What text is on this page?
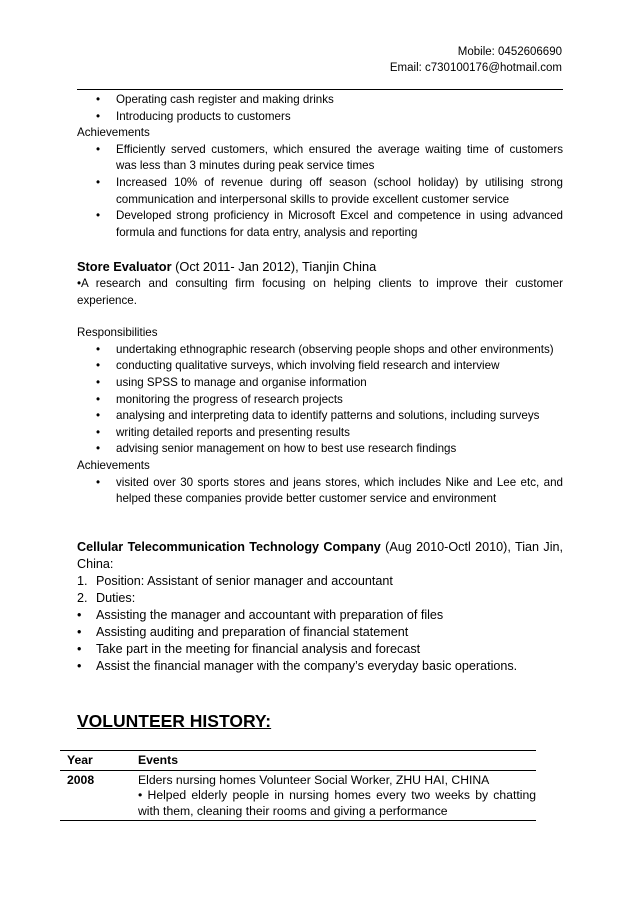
Mobile: 0452606690
Email: c730100176@hotmail.com
• Operating cash register and making drinks
• Introducing products to customers

Achievements

• Efficiently served customers, which ensured the average waiting time of customers was less than 3 minutes during peak service times
• Increased 10% of revenue during off season (school holiday) by utilising strong communication and interpersonal skills to provide excellent customer service
• Developed strong proficiency in Microsoft Excel and competence in using advanced formula and functions for data entry, analysis and reporting
Store Evaluator (Oct 2011- Jan 2012), Tianjin China

•A research and consulting firm focusing on helping clients to improve their customer experience.

Responsibilities

• undertaking ethnographic research (observing people shops and other environments)
• conducting qualitative surveys, which involving field research and interview
• using SPSS to manage and organise information
• monitoring the progress of research projects
• analysing and interpreting data to identify patterns and solutions, including surveys
• writing detailed reports and presenting results
• advising senior management on how to best use research findings

Achievements

• visited over 30 sports stores and jeans stores, which includes Nike and Lee etc, and helped these companies provide better customer service and environment
Cellular Telecommunication Technology Company (Aug 2010-Octl 2010), Tian Jin, China:
1. Position: Assistant of senior manager and accountant
2. Duties:
• Assisting the manager and accountant with preparation of files
• Assisting auditing and preparation of financial statement
• Take part in the meeting for financial analysis and forecast
• Assist the financial manager with the company’s everyday basic operations.
VOLUNTEER HISTORY:
Year	Events
2008	Elders nursing homes Volunteer Social Worker, ZHU HAI, CHINA
• Helped elderly people in nursing homes every two weeks by chatting with them, cleaning their rooms and giving a performance
